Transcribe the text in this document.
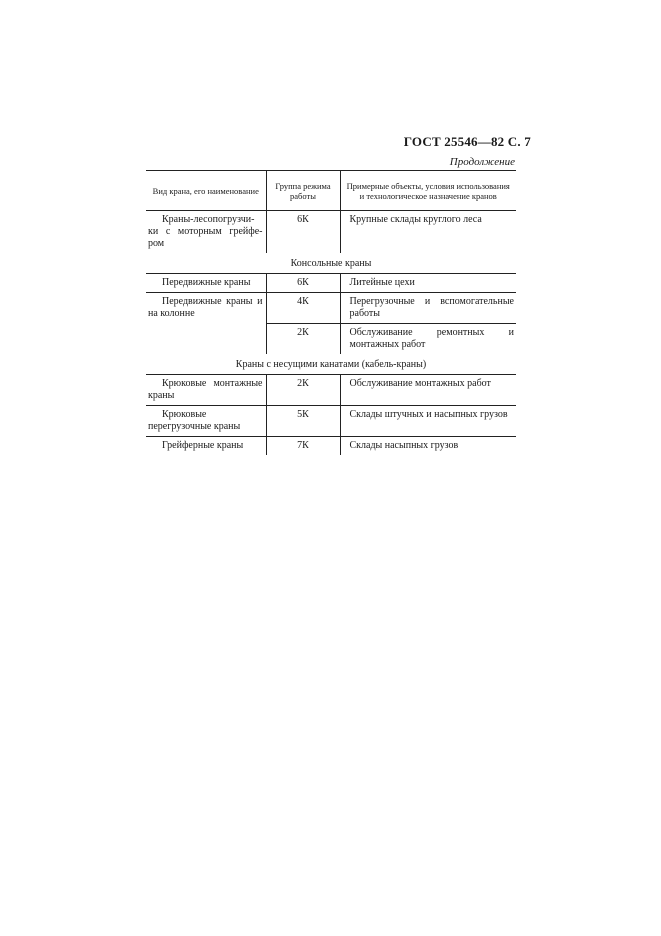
ГОСТ 25546—82 С. 7
Продолжение
Вид крана, его наименование	Группа режима работы	Примерные объекты, условия использования и технологическое назначение кранов
Краны-лесопогрузчи-ки с моторным грейфе-ром	6К	Крупные склады круглого леса
Консольные краны		
Передвижные краны	6К	Литейные цехи
Передвижные краны и на колонне	4К	Перегрузочные и вспомогательные работы
	2К	Обслуживание ремонтных и монтажных работ
Краны с несущими канатами (кабель-краны)		
Крюковые монтажные краны	2К	Обслуживание монтажных работ
Крюковые перегрузочные краны	5К	Склады штучных и насыпных грузов
Грейферные краны	7К	Склады насыпных грузов
